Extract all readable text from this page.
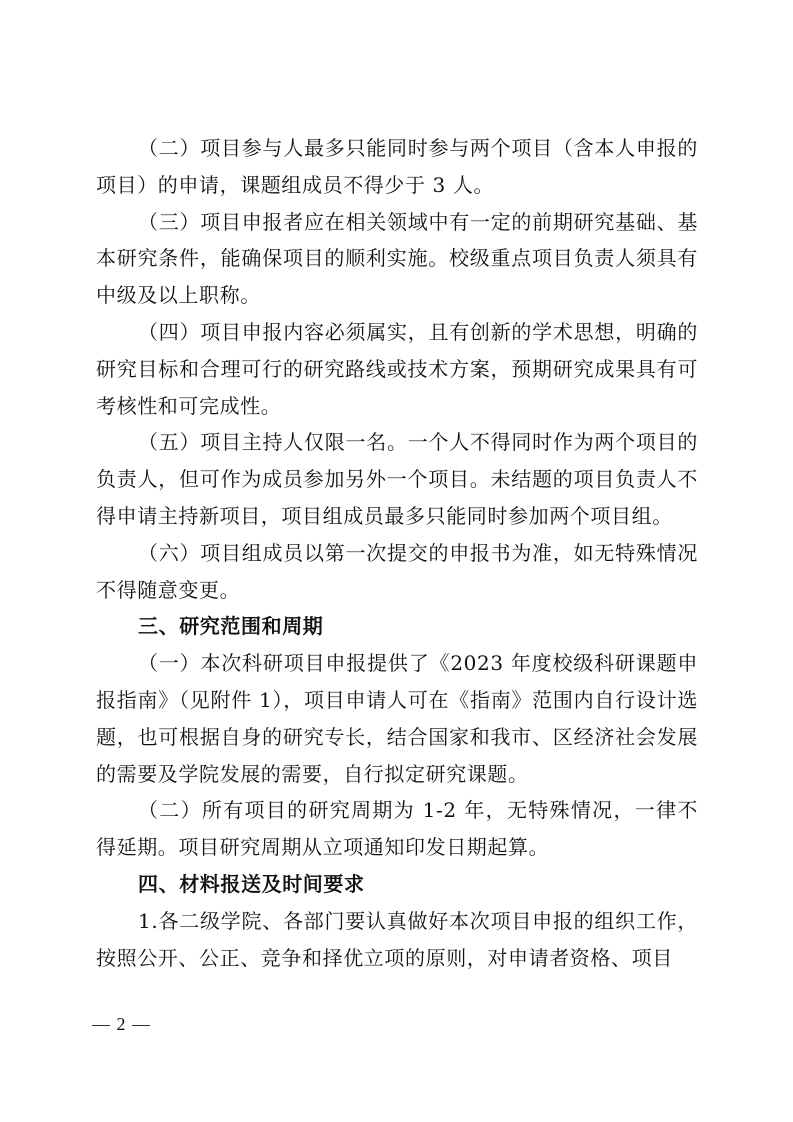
（二）项目参与人最多只能同时参与两个项目（含本人申报的项目）的申请，课题组成员不得少于 3 人。

（三）项目申报者应在相关领域中有一定的前期研究基础、基本研究条件，能确保项目的顺利实施。校级重点项目负责人须具有中级及以上职称。

（四）项目申报内容必须属实，且有创新的学术思想，明确的研究目标和合理可行的研究路线或技术方案，预期研究成果具有可考核性和可完成性。

（五）项目主持人仅限一名。一个人不得同时作为两个项目的负责人，但可作为成员参加另外一个项目。未结题的项目负责人不得申请主持新项目，项目组成员最多只能同时参加两个项目组。

（六）项目组成员以第一次提交的申报书为准，如无特殊情况不得随意变更。

三、研究范围和周期

（一）本次科研项目申报提供了《2023 年度校级科研课题申报指南》（见附件 1），项目申请人可在《指南》范围内自行设计选题，也可根据自身的研究专长，结合国家和我市、区经济社会发展的需要及学院发展的需要，自行拟定研究课题。

（二）所有项目的研究周期为 1-2 年，无特殊情况，一律不得延期。项目研究周期从立项通知印发日期起算。

四、材料报送及时间要求

1.各二级学院、各部门要认真做好本次项目申报的组织工作，按照公开、公正、竞争和择优立项的原则，对申请者资格、项目

— 2 —
